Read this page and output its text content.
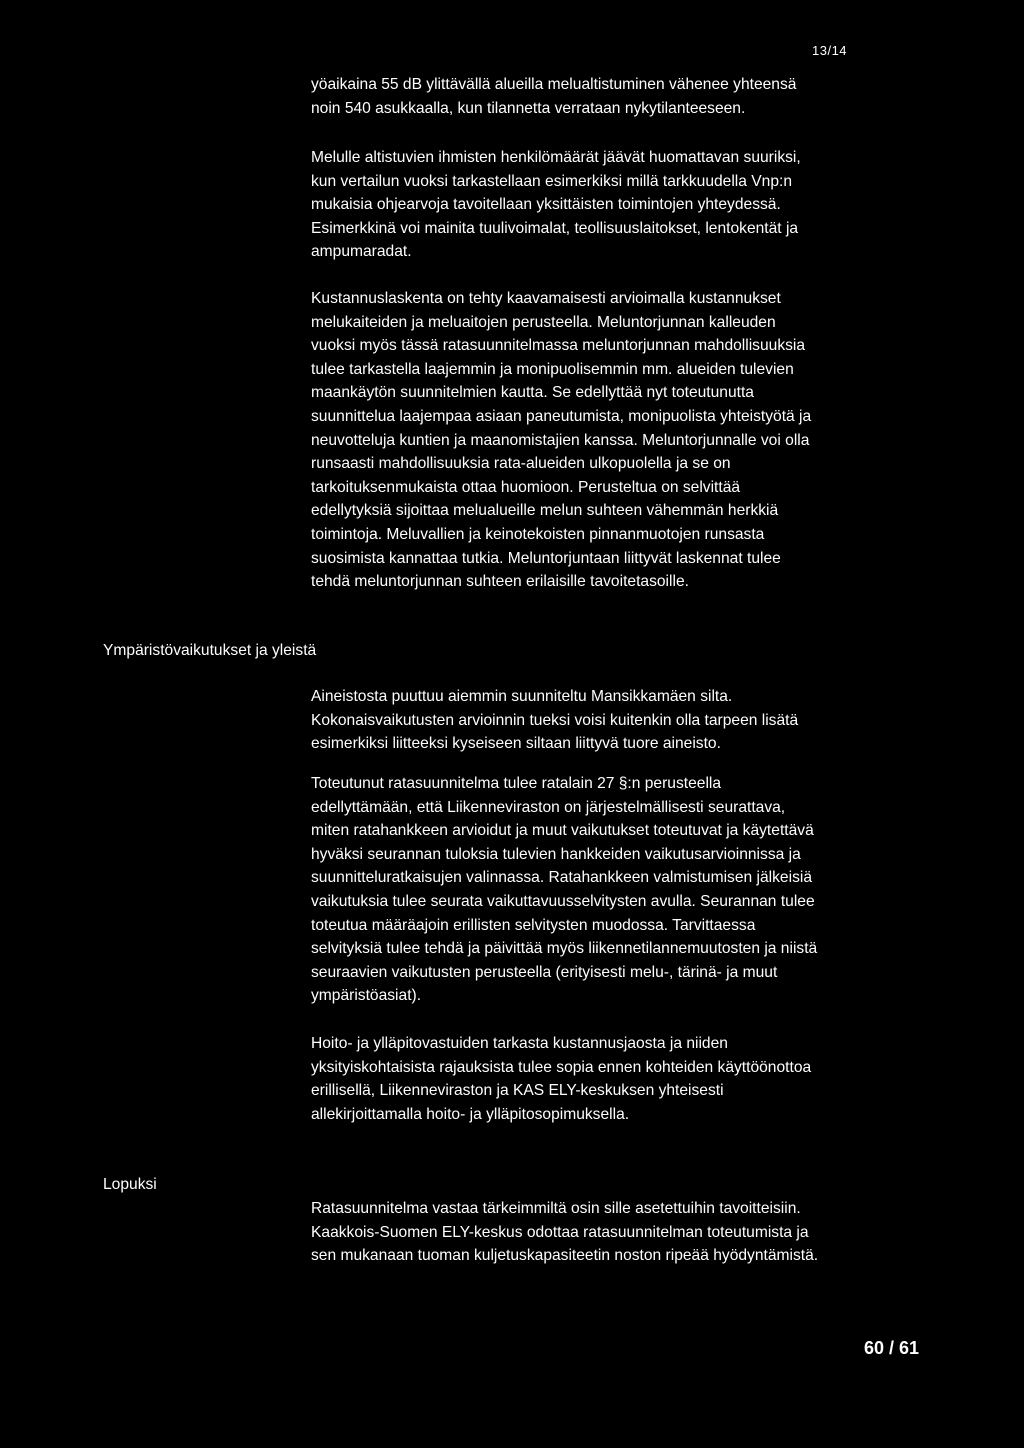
13/14

yöaikaina 55 dB ylittävällä alueilla melualtistuminen vähenee yhteensä
noin 540 asukkaalla, kun tilannetta verrataan nykytilanteeseen.

Melulle altistuvien ihmisten henkilömäärät jäävät huomattavan suuriksi,
kun vertailun vuoksi tarkastellaan esimerkiksi millä tarkkuudella Vnp:n
mukaisia ohjearvoja tavoitellaan yksittäisten toimintojen yhteydessä.
Esimerkkinä voi mainita tuulivoimalat, teollisuuslaitokset, lentokentät ja
ampumaradat.

Kustannuslaskenta on tehty kaavamaisesti arvioimalla kustannukset
melukaiteiden ja meluaitojen perusteella. Meluntorjunnan kalleuden
vuoksi myös tässä ratasuunnitelmassa meluntorjunnan mahdollisuuksia
tulee tarkastella laajemmin ja monipuolisemmin mm. alueiden tulevien
maankäytön suunnitelmien kautta. Se edellyttää nyt toteutunutta
suunnittelua laajempaa asiaan paneutumista, monipuolista yhteistyötä ja
neuvotteluja kuntien ja maanomistajien kanssa. Meluntorjunnalle voi olla
runsaasti mahdollisuuksia rata-alueiden ulkopuolella ja se on
tarkoituksenmukaista ottaa huomioon. Perusteltua on selvittää
edellytyksiä sijoittaa melualueille melun suhteen vähemmän herkkiä
toimintoja. Meluvallien ja keinotekoisten pinnanmuotojen runsasta
suosimista kannattaa tutkia. Meluntorjuntaan liittyvät laskennat tulee
tehdä meluntorjunnan suhteen erilaisille tavoitetasoille.

Ympäristövaikutukset ja yleistä

Aineistosta puuttuu aiemmin suunniteltu Mansikkamäen silta.
Kokonaisvaikutusten arvioinnin tueksi voisi kuitenkin olla tarpeen lisätä
esimerkiksi liitteeksi kyseiseen siltaan liittyvä tuore aineisto.

Toteutunut ratasuunnitelma tulee ratalain 27 §:n perusteella
edellyttämään, että Liikenneviraston on järjestelmällisesti seurattava,
miten ratahankkeen arvioidut ja muut vaikutukset toteutuvat ja käytettävä
hyväksi seurannan tuloksia tulevien hankkeiden vaikutusarvioinnissa ja
suunnitteluratkaisujen valinnassa. Ratahankkeen valmistumisen jälkeisiä
vaikutuksia tulee seurata vaikuttavuusselvitysten avulla. Seurannan tulee
toteutua määräajoin erillisten selvitysten muodossa. Tarvittaessa
selvityksiä tulee tehdä ja päivittää myös liikennetilannemuutosten ja niistä
seuraavien vaikutusten perusteella (erityisesti melu-, tärinä- ja muut
ympäristöasiat).

Hoito- ja ylläpitovastuiden tarkasta kustannusjaosta ja niiden
yksityiskohtaisista rajauksista tulee sopia ennen kohteiden käyttöönottoa
erillisellä, Liikenneviraston ja KAS ELY-keskuksen yhteisesti
allekirjoittamalla hoito- ja ylläpitosopimuksella.

Lopuksi

Ratasuunnitelma vastaa tärkeimmiltä osin sille asetettuihin tavoitteisiin.
Kaakkois-Suomen ELY-keskus odottaa ratasuunnitelman toteutumista ja
sen mukanaan tuoman kuljetuskapasiteetin noston ripeää hyödyntämistä.

60 / 61
